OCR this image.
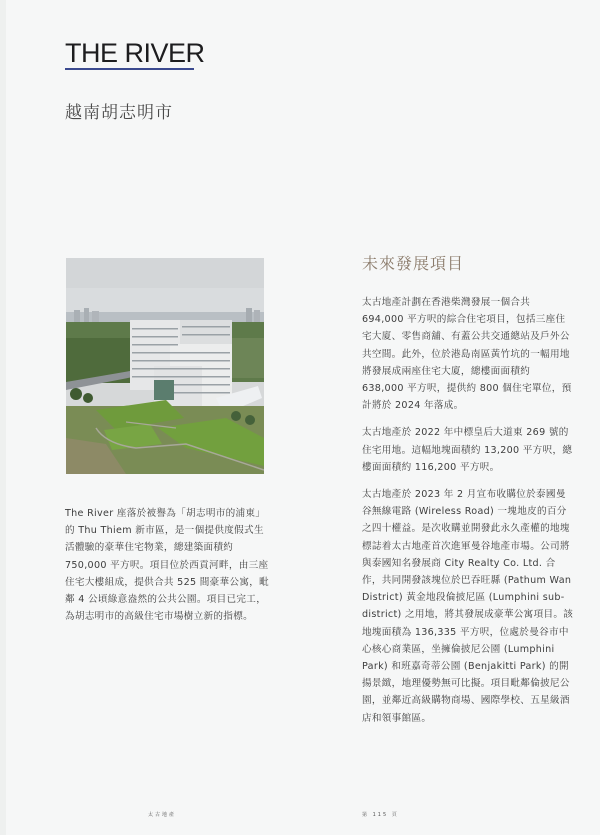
THE RIVER
越南胡志明市

The River 座落於被譽為「胡志明市的浦東」的 Thu Thiem 新市區，是一個提供度假式生活體驗的豪華住宅物業，總建築面積約 750,000 平方呎。項目位於西貢河畔，由三座住宅大樓組成，提供合共 525 間豪華公寓，毗鄰 4 公頃綠意盎然的公共公園。項目已完工，為胡志明市的高級住宅市場樹立新的指標。

未來發展項目

太古地產計劃在香港柴灣發展一個合共 694,000 平方呎的綜合住宅項目，包括三座住宅大廈、零售商舖、有蓋公共交通總站及戶外公共空間。此外，位於港島南區黃竹坑的一幅用地將發展成兩座住宅大廈，總樓面面積約 638,000 平方呎，提供約 800 個住宅單位，預計將於 2024 年落成。

太古地產於 2022 年中標皇后大道東 269 號的住宅用地。這幅地塊面積約 13,200 平方呎，總樓面面積約 116,200 平方呎。

太古地產於 2023 年 2 月宣布收購位於泰國曼谷無線電路 (Wireless Road) 一塊地皮的百分之四十權益。是次收購並開發此永久產權的地塊標誌着太古地產首次進軍曼谷地產市場。公司將與泰國知名發展商 City Realty Co. Ltd. 合作，共同開發該塊位於巴吞旺縣 (Pathum Wan District) 黃金地段倫披尼區 (Lumphini sub-district) 之用地，將其發展成豪華公寓項目。該地塊面積為 136,335 平方呎，位處於曼谷市中心核心商業區，坐擁倫披尼公園 (Lumphini Park) 和班嘉奇蒂公園 (Benjakitti Park) 的開揚景緻，地理優勢無可比擬。項目毗鄰倫披尼公園，並鄰近高級購物商場、國際學校、五星級酒店和領事館區。

太古地產	第 115 頁
